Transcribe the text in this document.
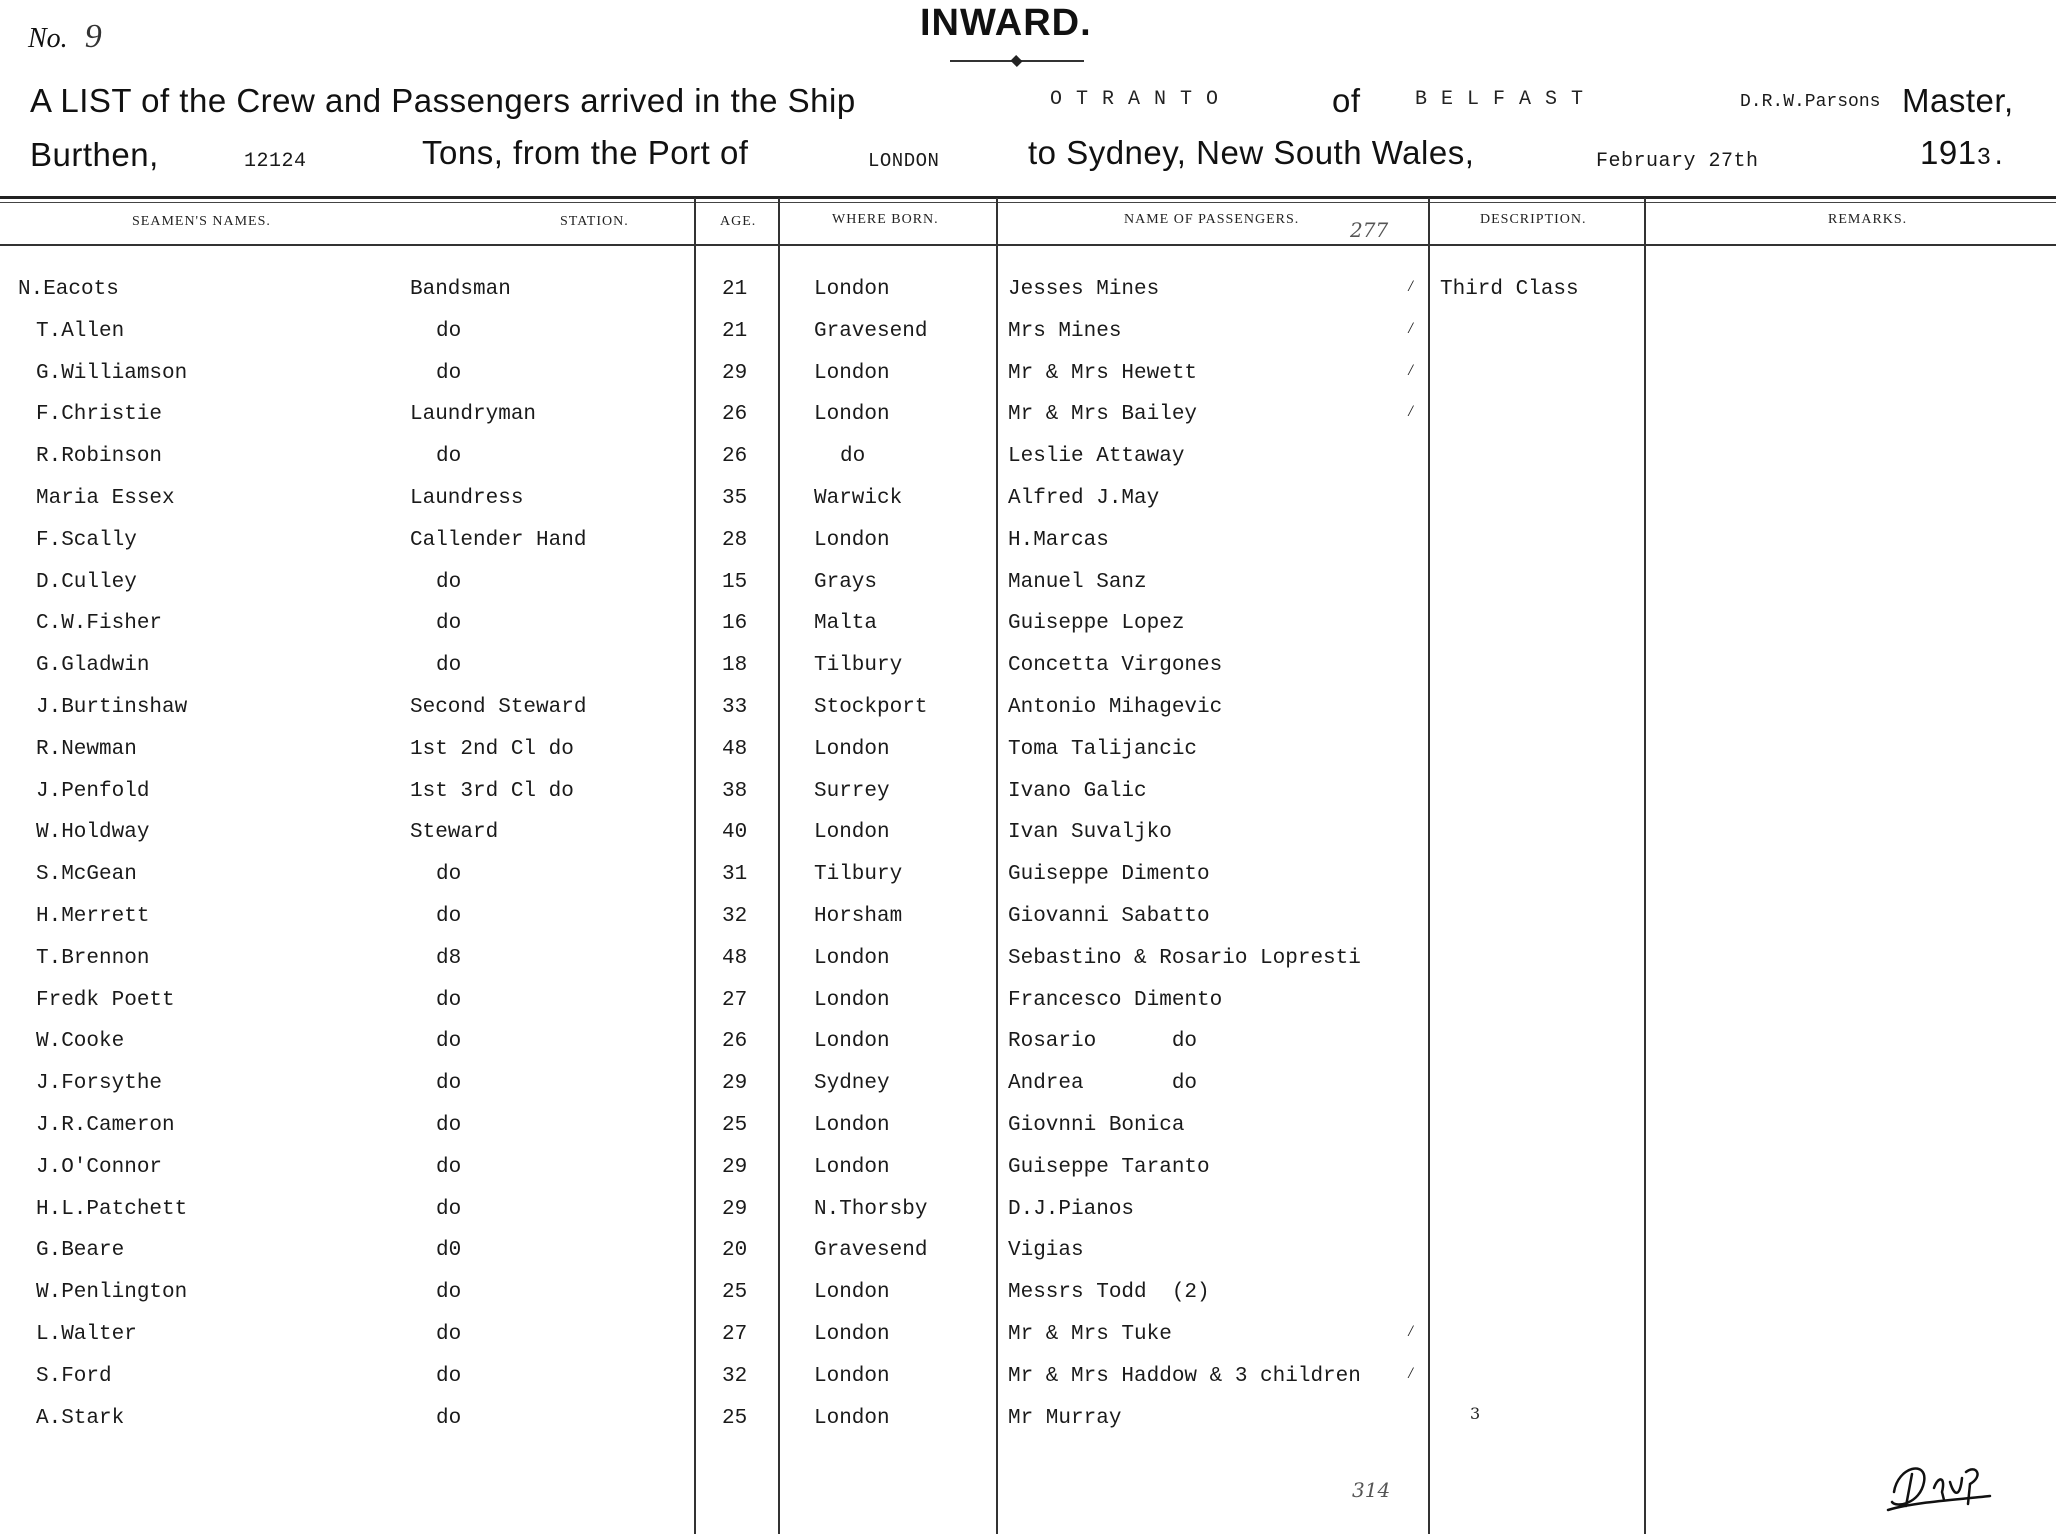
No. 9	INWARD.
A LIST of the Crew and Passengers arrived in the Ship	OTRANTO	of	BELFAST	D.R.W.Parsons Master,
Burthen,	12124	Tons, from the Port of	LONDON	to Sydney, New South Wales,	February 27th	1913.
SEAMEN'S NAMES.	STATION.	AGE.	WHERE BORN.	NAME OF PASSENGERS.	DESCRIPTION.	REMARKS.
277
N.Eacots	Bandsman	21	London	Jesses Mines	Third Class
⁄
T.Allen	do	21	Gravesend	Mrs Mines	⁄
G.Williamson	do	29	London	Mr & Mrs Hewett	⁄
F.Christie	Laundryman	26	London	Mr & Mrs Bailey	⁄
R.Robinson	do	26	do	Leslie Attaway
Maria Essex	Laundress	35	Warwick	Alfred J.May
F.Scally	Callender Hand	28	London	H.Marcas
D.Culley	do	15	Grays	Manuel Sanz
C.W.Fisher	do	16	Malta	Guiseppe Lopez
G.Gladwin	do	18	Tilbury	Concetta Virgones
J.Burtinshaw	Second Steward	33	Stockport	Antonio Mihagevic
R.Newman	1st 2nd Cl do	48	London	Toma Talijancic
J.Penfold	1st 3rd Cl do	38	Surrey	Ivano Galic
W.Holdway	Steward	40	London	Ivan Suvaljko
S.McGean	do	31	Tilbury	Guiseppe Dimento
H.Merrett	do	32	Horsham	Giovanni Sabatto
T.Brennon	d8	48	London	Sebastino & Rosario Lopresti
Fredk Poett	do	27	London	Francesco Dimento
W.Cooke	do	26	London	Rosario      do
J.Forsythe	do	29	Sydney	Andrea       do
J.R.Cameron	do	25	London	Giovnni Bonica
J.O'Connor	do	29	London	Guiseppe Taranto
H.L.Patchett	do	29	N.Thorsby	D.J.Pianos
G.Beare	d0	20	Gravesend	Vigias
W.Penlington	do	25	London	Messrs Todd  (2)
L.Walter	do	27	London	Mr & Mrs Tuke	⁄
S.Ford	do	32	London	Mr & Mrs Haddow & 3 children	⁄
A.Stark	do	25	London	Mr Murray
314
3
